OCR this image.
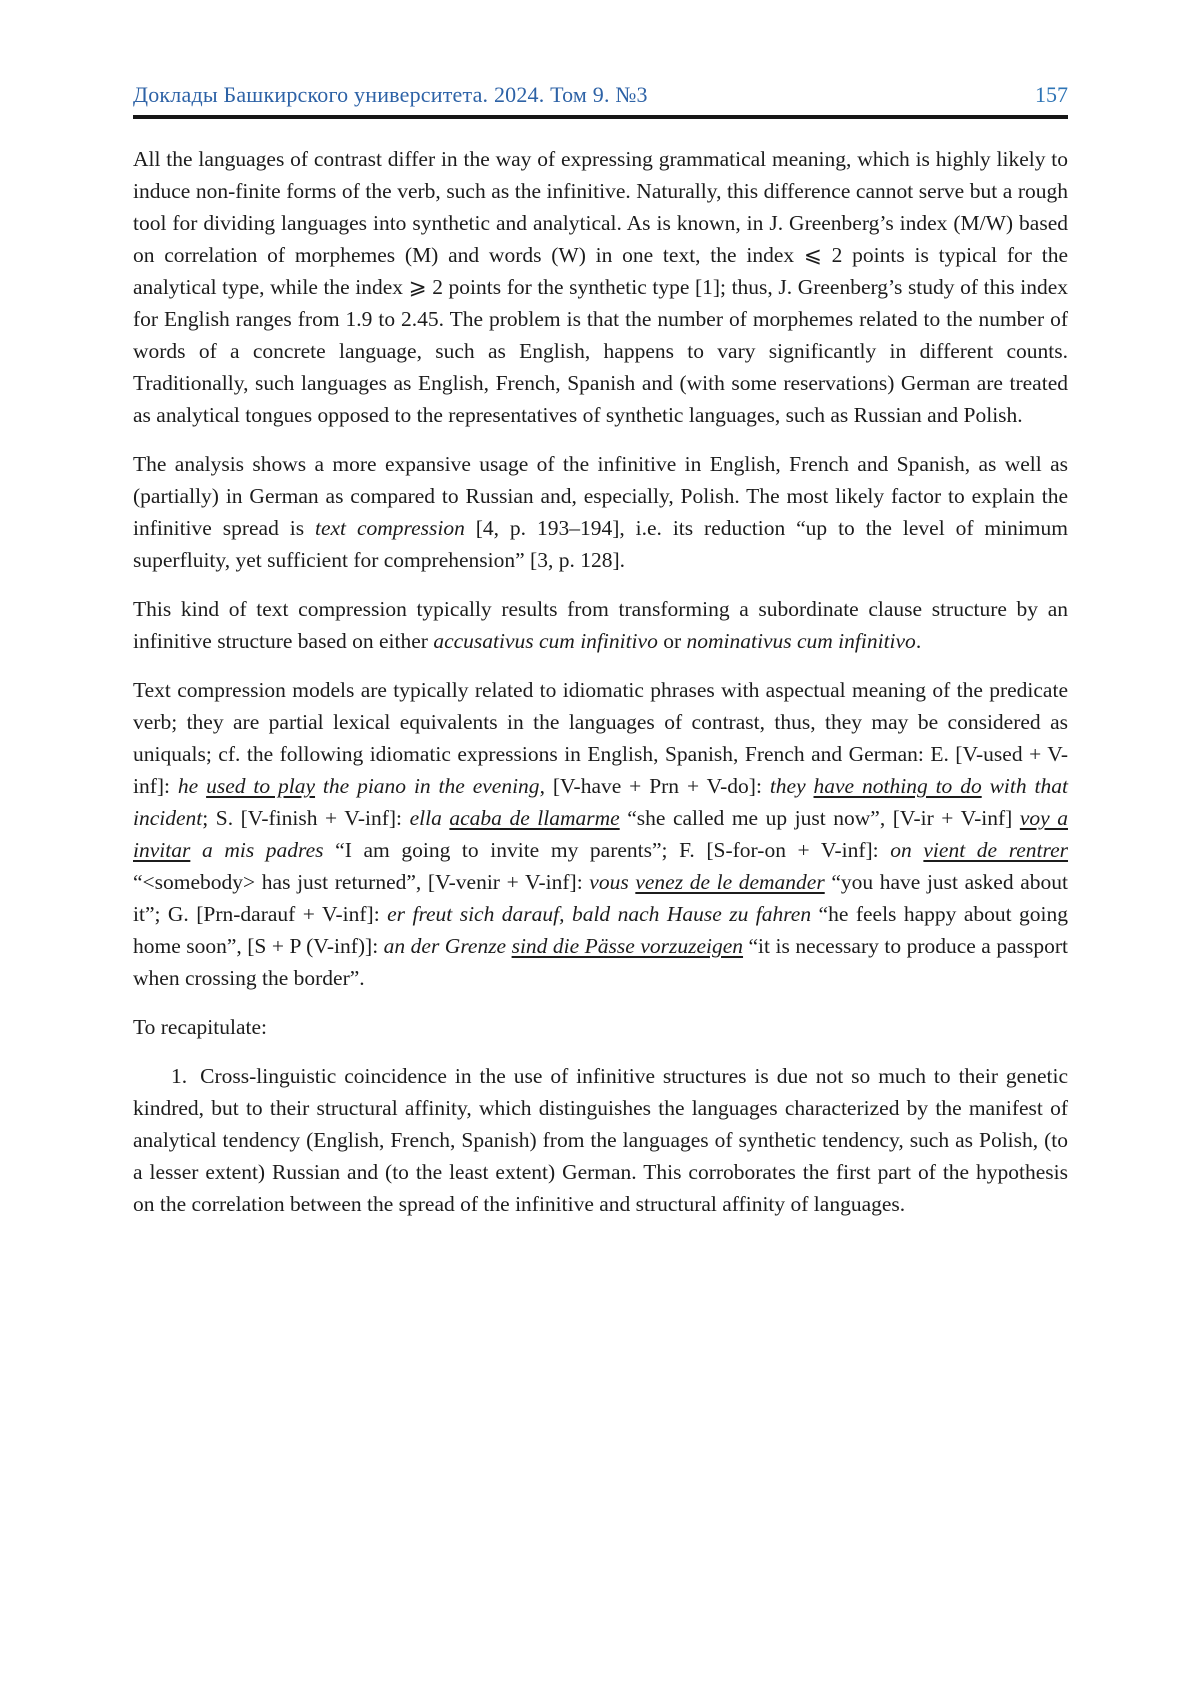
Доклады Башкирского университета. 2024. Том 9. №3	157

All the languages of contrast differ in the way of expressing grammatical meaning, which is highly likely to induce non-finite forms of the verb, such as the infinitive. Naturally, this difference cannot serve but a rough tool for dividing languages into synthetic and analytical. As is known, in J. Greenberg’s index (M/W) based on correlation of morphemes (M) and words (W) in one text, the index ⩽ 2 points is typical for the analytical type, while the index ⩾ 2 points for the synthetic type [1]; thus, J. Greenberg’s study of this index for English ranges from 1.9 to 2.45. The problem is that the number of morphemes related to the number of words of a concrete language, such as English, happens to vary significantly in different counts. Traditionally, such languages as English, French, Spanish and (with some reservations) German are treated as analytical tongues opposed to the representatives of synthetic languages, such as Russian and Polish.

The analysis shows a more expansive usage of the infinitive in English, French and Spanish, as well as (partially) in German as compared to Russian and, especially, Polish. The most likely factor to explain the infinitive spread is text compression [4, p. 193–194], i.e. its reduction “up to the level of minimum superfluity, yet sufficient for comprehension” [3, p. 128].

This kind of text compression typically results from transforming a subordinate clause structure by an infinitive structure based on either accusativus cum infinitivo or nominativus cum infinitivo.

Text compression models are typically related to idiomatic phrases with aspectual meaning of the predicate verb; they are partial lexical equivalents in the languages of contrast, thus, they may be considered as uniquals; cf. the following idiomatic expressions in English, Spanish, French and German: E. [V-used + V-inf]: he used to play the piano in the evening, [V-have + Prn + V-do]: they have nothing to do with that incident; S. [V-finish + V-inf]: ella acaba de llamarme “she called me up just now”, [V-ir + V-inf] voy a invitar a mis padres “I am going to invite my parents”; F. [S-for-on + V-inf]: on vient de rentrer “<somebody> has just returned”, [V-venir + V-inf]: vous venez de le demander “you have just asked about it”; G. [Prn-darauf + V-inf]: er freut sich darauf, bald nach Hause zu fahren “he feels happy about going home soon”, [S + P (V-inf)]: an der Grenze sind die Pässe vorzuzeigen “it is necessary to produce a passport when crossing the border”.

To recapitulate:

1. Cross-linguistic coincidence in the use of infinitive structures is due not so much to their genetic kindred, but to their structural affinity, which distinguishes the languages characterized by the manifest of analytical tendency (English, French, Spanish) from the languages of synthetic tendency, such as Polish, (to a lesser extent) Russian and (to the least extent) German. This corroborates the first part of the hypothesis on the correlation between the spread of the infinitive and structural affinity of languages.
